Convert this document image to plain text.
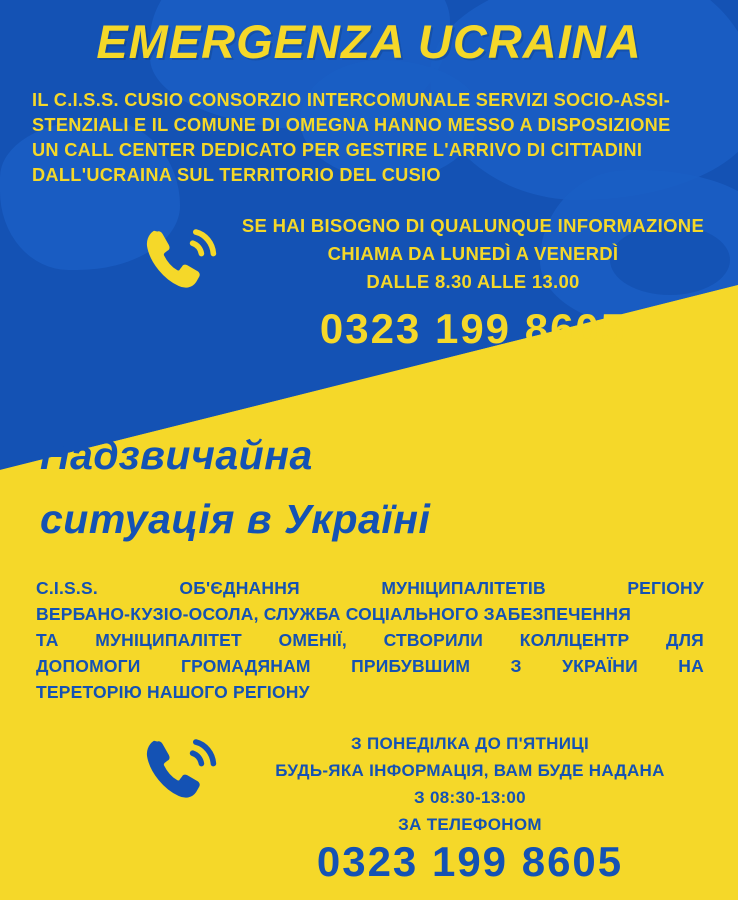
EMERGENZA UCRAINA
IL C.I.S.S. CUSIO CONSORZIO INTERCOMUNALE SERVIZI SOCIO-ASSI-
STENZIALI E IL COMUNE DI OMEGNA HANNO MESSO A DISPOSIZIONE
UN CALL CENTER DEDICATO PER GESTIRE L'ARRIVO DI CITTADINI
DALL'UCRAINA SUL TERRITORIO DEL CUSIO
SE HAI BISOGNO DI QUALUNQUE INFORMAZIONE
CHIAMA DA LUNEDÌ A VENERDÌ
DALLE 8.30 ALLE 13.00
0323 199 8605
Надзвичайна
ситуація в Україні
C.I.S.S.	ОБ'ЄДНАННЯ	МУНІЦИПАЛІТЕТІВ	РЕГІОНУ
ВЕРБАНО-КУЗІО-ОСОЛА, СЛУЖБА СОЦІАЛЬНОГО ЗАБЕЗПЕЧЕННЯ
ТА МУНІЦИПАЛІТЕТ ОМЕНІЇ, СТВОРИЛИ КОЛЛЦЕНТР ДЛЯ
ДОПОМОГИ ГРОМАДЯНАМ ПРИБУВШИМ З УКРАЇНИ НА
ТЕРЕТОРІЮ НАШОГО РЕГІОНУ
З ПОНЕДІЛКА ДО П'ЯТНИЦІ
БУДЬ-ЯКА ІНФОРМАЦІЯ, ВАМ БУДЕ НАДАНА
З 08:30-13:00
ЗА ТЕЛЕФОНОМ
0323 199 8605
